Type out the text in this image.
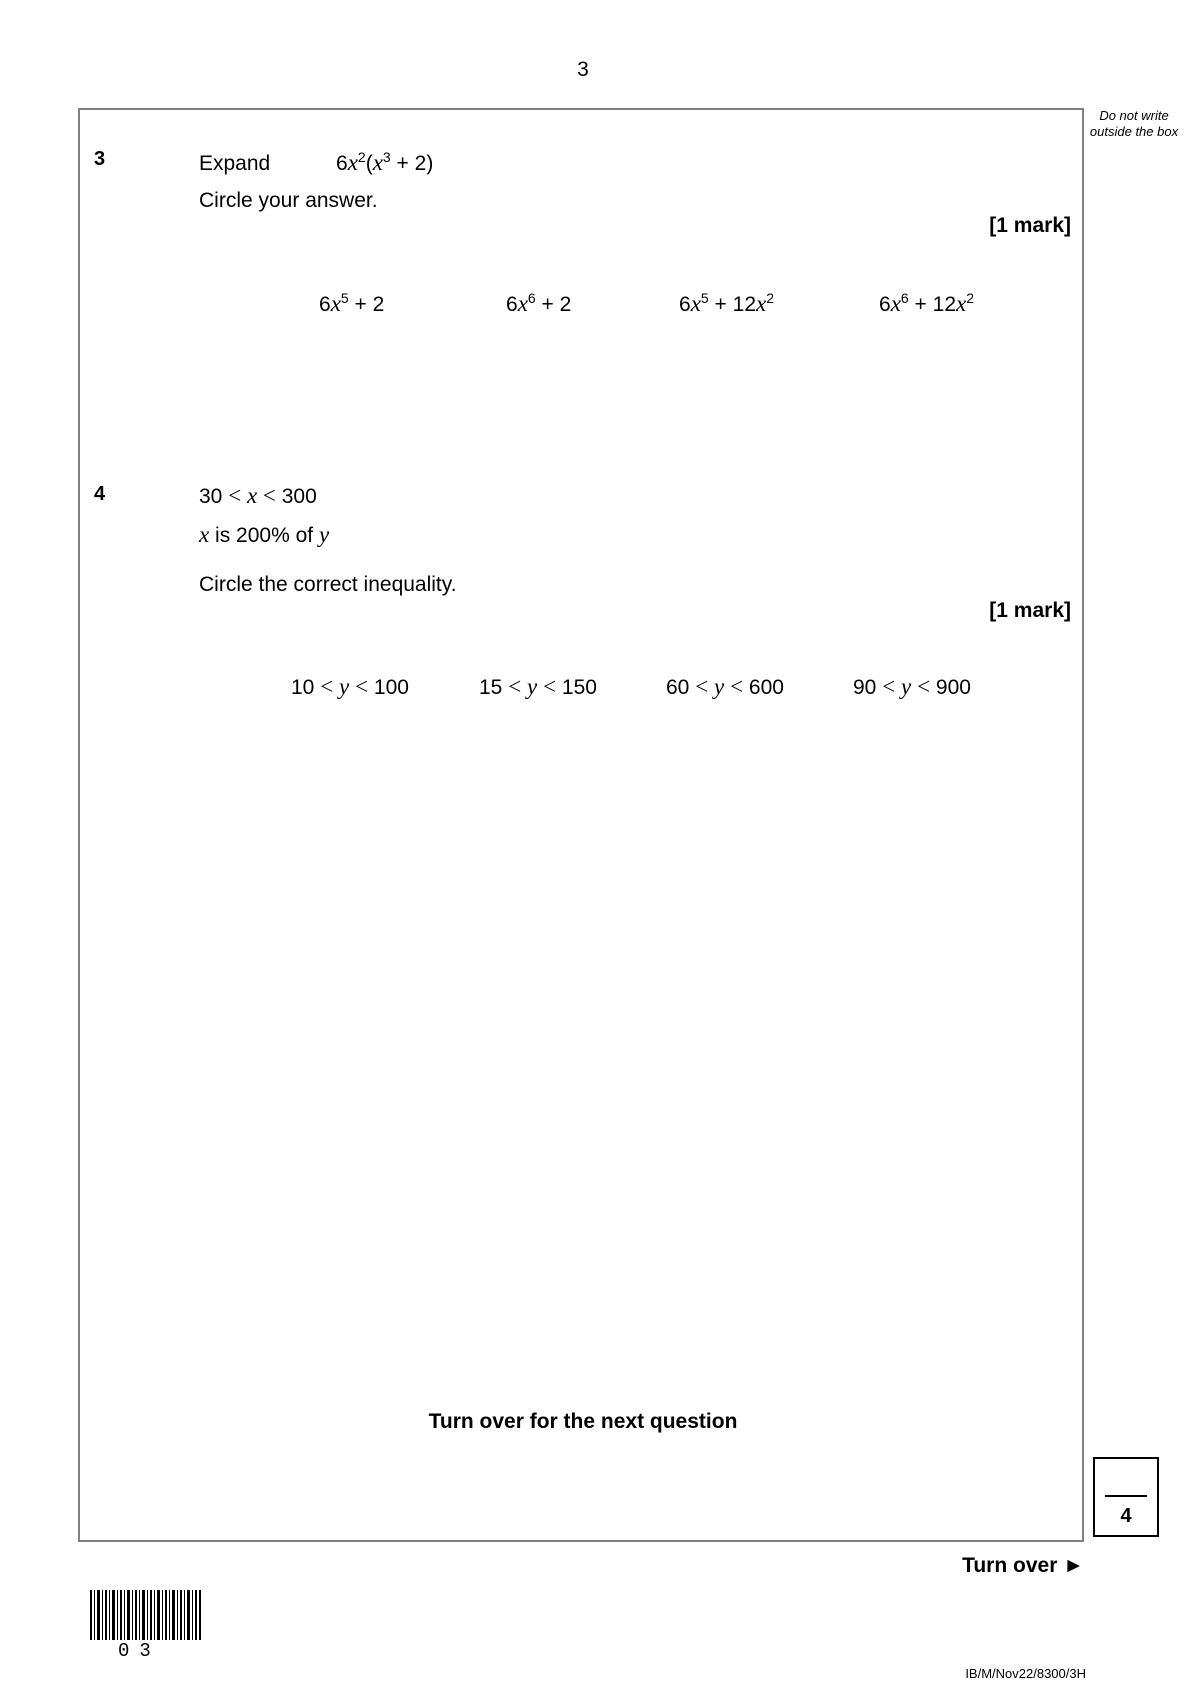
3
Do not write outside the box
3	Expand	$6x^2(x^3 + 2)$
Circle your answer.
[1 mark]
$6x^5 + 2$	$6x^6 + 2$	$6x^5 + 12x^2$	$6x^6 + 12x^2$
4	30 < x < 300
x is 200% of y
Circle the correct inequality.
[1 mark]
10 < y < 100	15 < y < 150	60 < y < 600	90 < y < 900
Turn over for the next question
4
Turn over ►
03
IB/M/Nov22/8300/3H
